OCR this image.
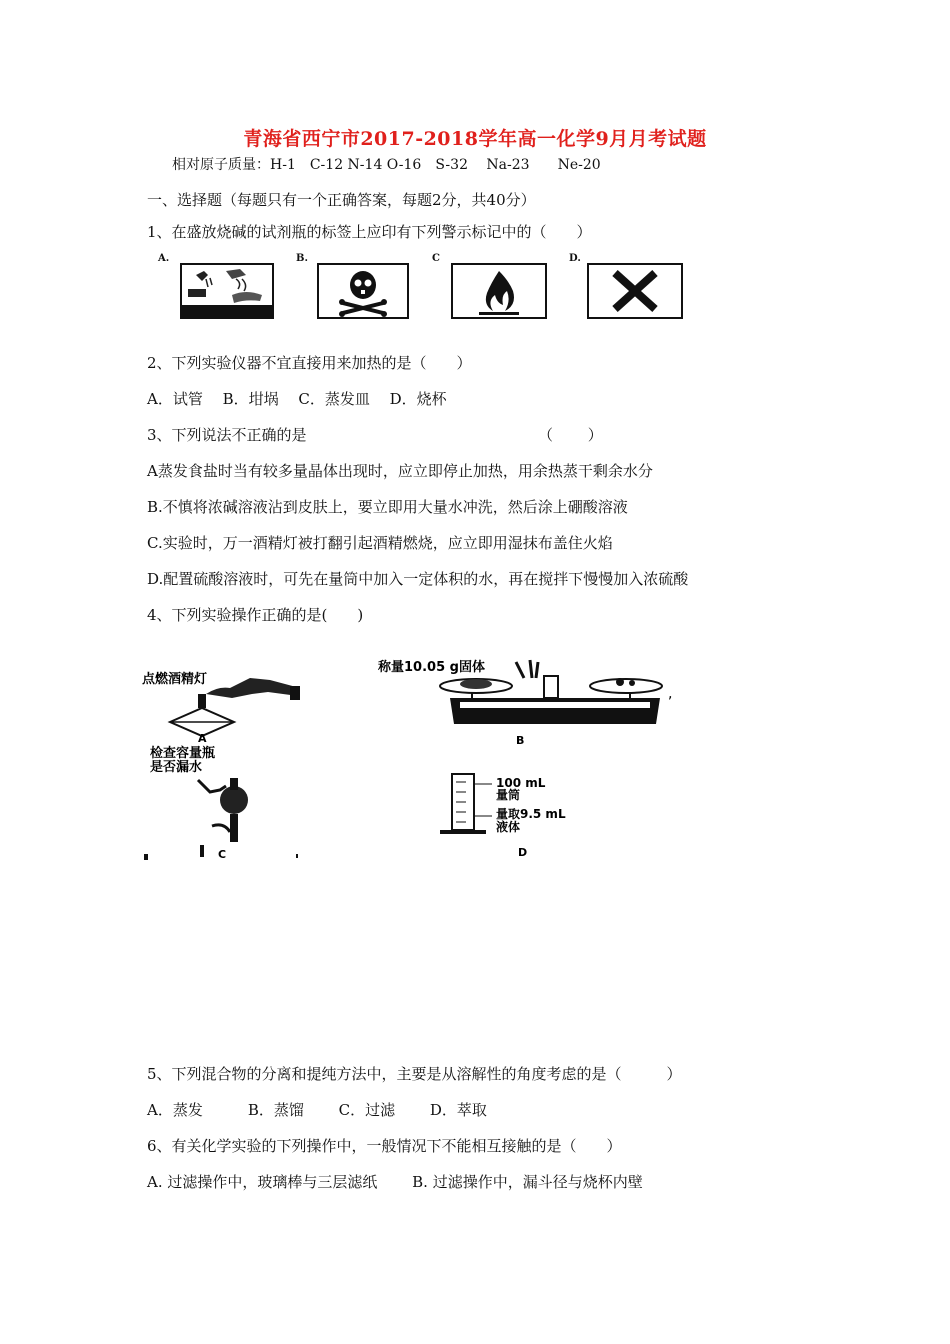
青海省西宁市2017-2018学年高一化学9月月考试题
相对原子质量：H-1　C-12 N-14 O-16　S-32　 Na-23　　Ne-20
一、选择题（每题只有一个正确答案，每题2分，共40分）
1、在盛放烧碱的试剂瓶的标签上应印有下列警示标记中的（　　）
A.	B.	C	D.
2、下列实验仪器不宜直接用来加热的是（　　）
A．试管　 B．坩埚　 C．蒸发皿　 D．烧杯
3、下列说法不正确的是	（　　 ）
A蒸发食盐时当有较多量晶体出现时，应立即停止加热，用余热蒸干剩余水分
B.不慎将浓碱溶液沾到皮肤上，要立即用大量水冲洗，然后涂上硼酸溶液
C.实验时，万一酒精灯被打翻引起酒精燃烧，应立即用湿抹布盖住火焰
D.配置硫酸溶液时，可先在量筒中加入一定体积的水，再在搅拌下慢慢加入浓硫酸
4、下列实验操作正确的是(　　)
点燃酒精灯
A
称量10.05 g固体
,
B
检查容量瓶
是否漏水
C
100 mL
量筒
量取9.5 mL
液体
D
5、下列混合物的分离和提纯方法中，主要是从溶解性的角度考虑的是（　　　）
A．蒸发　　　B．蒸馏　　 C．过滤　　 D．萃取
6、有关化学实验的下列操作中，一般情况下不能相互接触的是（　　）
A. 过滤操作中，玻璃棒与三层滤纸　　 B. 过滤操作中，漏斗径与烧杯内壁
